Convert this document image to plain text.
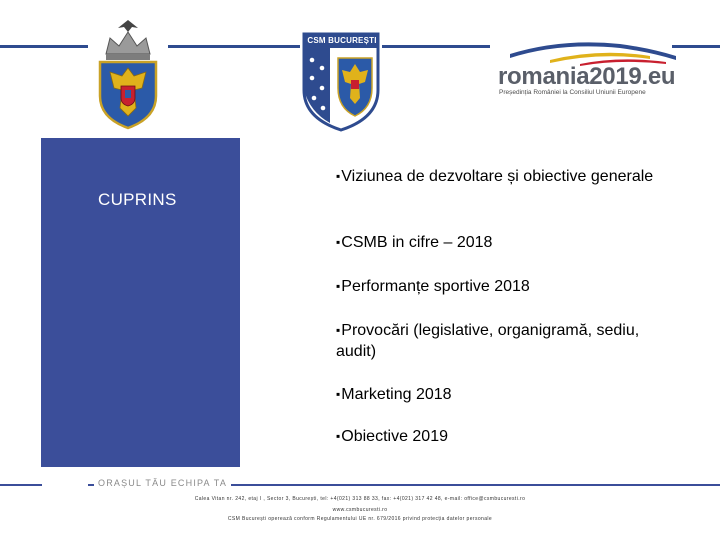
CSM BUCUREȘTI
romania2019.eu
Președinția României la Consiliul Uniunii Europene
CUPRINS
▪Viziunea de dezvoltare și obiective generale
▪CSMB in cifre – 2018
▪Performanțe sportive 2018
▪Provocări (legislative, organigramă, sediu, audit)
▪Marketing 2018
▪Obiective 2019
ORAȘUL TĂU ECHIPA TA
Calea Vitan nr. 242, etaj I , Sector 3, București, tel: +4(021) 313 88 33, fax: +4(021) 317 42 48, e-mail: office@csmbucuresti.ro
www.csmbucuresti.ro
CSM București operează conform Regulamentului UE nr. 679/2016 privind protecția datelor personale
